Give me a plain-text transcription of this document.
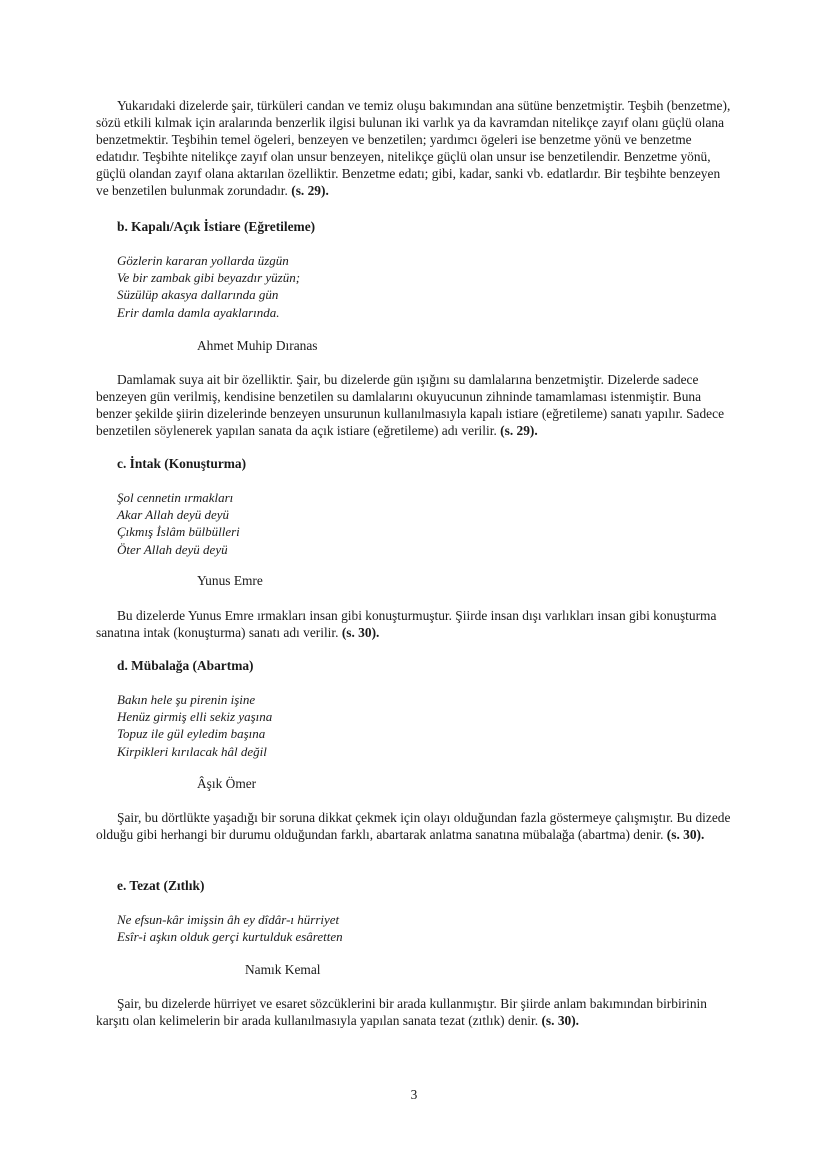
Yukarıdaki dizelerde şair, türküleri candan ve temiz oluşu bakımından ana sütüne benzetmiştir. Teşbih (benzetme), sözü etkili kılmak için aralarında benzerlik ilgisi bulunan iki varlık ya da kavramdan nitelikçe zayıf olanı güçlü olana benzetmektir. Teşbihin temel ögeleri, benzeyen ve benzetilen; yardımcı ögeleri ise benzetme yönü ve benzetme edatıdır. Teşbihte nitelikçe zayıf olan unsur benzeyen, nitelikçe güçlü olan unsur ise benzetilendir. Benzetme yönü, güçlü olandan zayıf olana aktarılan özelliktir. Benzetme edatı; gibi, kadar, sanki vb. edatlardır. Bir teşbihte benzeyen ve benzetilen bulunmak zorundadır. (s. 29).

b. Kapalı/Açık İstiare (Eğretileme)

Gözlerin kararan yollarda üzgün
Ve bir zambak gibi beyazdır yüzün;
Süzülüp akasya dallarında gün
Erir damla damla ayaklarında.

Ahmet Muhip Dıranas

Damlamak suya ait bir özelliktir. Şair, bu dizelerde gün ışığını su damlalarına benzetmiştir. Dizelerde sadece benzeyen gün verilmiş, kendisine benzetilen su damlalarını okuyucunun zihninde tamamlaması istenmiştir. Buna benzer şekilde şiirin dizelerinde benzeyen unsurunun kullanılmasıyla kapalı istiare (eğretileme) sanatı yapılır. Sadece benzetilen söylenerek yapılan sanata da açık istiare (eğretileme) adı verilir. (s. 29).

c. İntak (Konuşturma)

Şol cennetin ırmakları
Akar Allah deyü deyü
Çıkmış İslâm bülbülleri
Öter Allah deyü deyü

Yunus Emre

Bu dizelerde Yunus Emre ırmakları insan gibi konuşturmuştur. Şiirde insan dışı varlıkları insan gibi konuşturma sanatına intak (konuşturma) sanatı adı verilir. (s. 30).

d. Mübalağa (Abartma)

Bakın hele şu pirenin işine
Henüz girmiş elli sekiz yaşına
Topuz ile gül eyledim başına
Kirpikleri kırılacak hâl değil

Âşık Ömer

Şair, bu dörtlükte yaşadığı bir soruna dikkat çekmek için olayı olduğundan fazla göstermeye çalışmıştır. Bu dizede olduğu gibi herhangi bir durumu olduğundan farklı, abartarak anlatma sanatına mübalağa (abartma) denir. (s. 30).

e. Tezat (Zıtlık)

Ne efsun-kâr imişsin âh ey dîdâr-ı hürriyet
Esîr-i aşkın olduk gerçi kurtulduk esâretten

Namık Kemal

Şair, bu dizelerde hürriyet ve esaret sözcüklerini bir arada kullanmıştır. Bir şiirde anlam bakımından birbirinin karşıtı olan kelimelerin bir arada kullanılmasıyla yapılan sanata tezat (zıtlık) denir. (s. 30).

3
